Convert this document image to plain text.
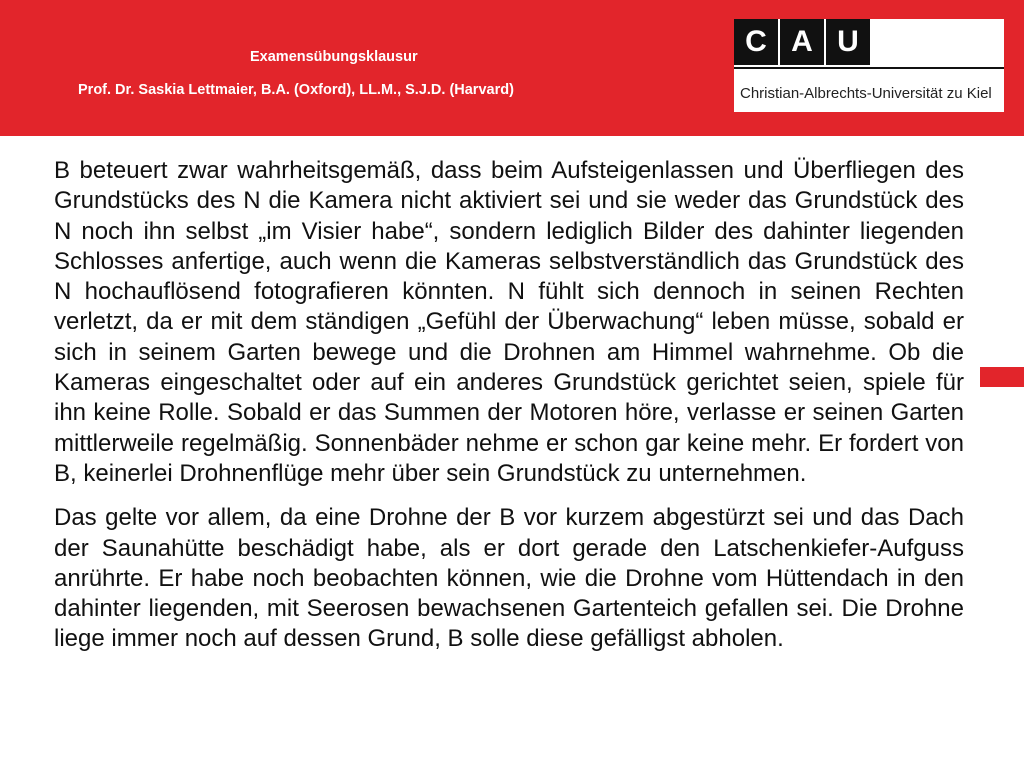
Examensübungsklausur

Prof. Dr. Saskia Lettmaier, B.A. (Oxford), LL.M., S.J.D. (Harvard)

C A U
Christian-Albrechts-Universität zu Kiel

B beteuert zwar wahrheitsgemäß, dass beim Aufsteigenlassen und Überfliegen des Grundstücks des N die Kamera nicht aktiviert sei und sie weder das Grundstück des N noch ihn selbst „im Visier habe“, sondern lediglich Bilder des dahinter liegenden Schlosses anfertige, auch wenn die Kameras selbstverständlich das Grundstück des N hochauflösend fotografieren könnten. N fühlt sich dennoch in seinen Rechten verletzt, da er mit dem ständigen „Gefühl der Überwachung“ leben müsse, sobald er sich in seinem Garten bewege und die Drohnen am Himmel wahrnehme. Ob die Kameras eingeschaltet oder auf ein anderes Grundstück gerichtet seien, spiele für ihn keine Rolle. Sobald er das Summen der Motoren höre, verlasse er seinen Garten mittlerweile regelmäßig. Sonnenbäder nehme er schon gar keine mehr. Er fordert von B, keinerlei Drohnenflüge mehr über sein Grundstück zu unternehmen.

Das gelte vor allem, da eine Drohne der B vor kurzem abgestürzt sei und das Dach der Saunahütte beschädigt habe, als er dort gerade den Latschenkiefer-Aufguss anrührte. Er habe noch beobachten können, wie die Drohne vom Hüttendach in den dahinter liegenden, mit Seerosen bewachsenen Gartenteich gefallen sei. Die Drohne liege immer noch auf dessen Grund, B solle diese gefälligst abholen.
